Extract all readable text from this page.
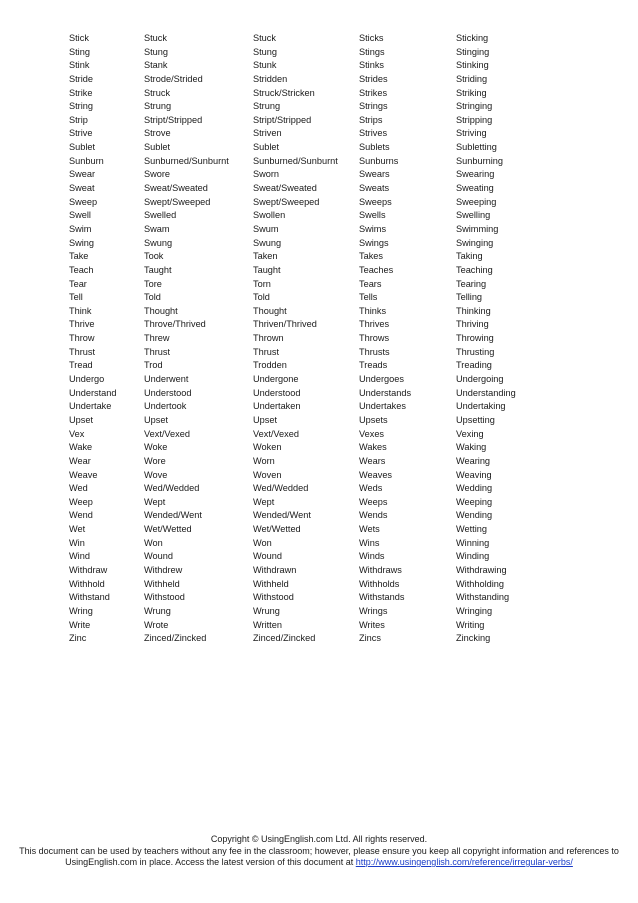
Stick	Stuck	Stuck	Sticks	Sticking
Sting	Stung	Stung	Stings	Stinging
Stink	Stank	Stunk	Stinks	Stinking
Stride	Strode/Strided	Stridden	Strides	Striding
Strike	Struck	Struck/Stricken	Strikes	Striking
String	Strung	Strung	Strings	Stringing
Strip	Stript/Stripped	Stript/Stripped	Strips	Stripping
Strive	Strove	Striven	Strives	Striving
Sublet	Sublet	Sublet	Sublets	Subletting
Sunburn	Sunburned/Sunburnt	Sunburned/Sunburnt	Sunburns	Sunburning
Swear	Swore	Sworn	Swears	Swearing
Sweat	Sweat/Sweated	Sweat/Sweated	Sweats	Sweating
Sweep	Swept/Sweeped	Swept/Sweeped	Sweeps	Sweeping
Swell	Swelled	Swollen	Swells	Swelling
Swim	Swam	Swum	Swims	Swimming
Swing	Swung	Swung	Swings	Swinging
Take	Took	Taken	Takes	Taking
Teach	Taught	Taught	Teaches	Teaching
Tear	Tore	Torn	Tears	Tearing
Tell	Told	Told	Tells	Telling
Think	Thought	Thought	Thinks	Thinking
Thrive	Throve/Thrived	Thriven/Thrived	Thrives	Thriving
Throw	Threw	Thrown	Throws	Throwing
Thrust	Thrust	Thrust	Thrusts	Thrusting
Tread	Trod	Trodden	Treads	Treading
Undergo	Underwent	Undergone	Undergoes	Undergoing
Understand	Understood	Understood	Understands	Understanding
Undertake	Undertook	Undertaken	Undertakes	Undertaking
Upset	Upset	Upset	Upsets	Upsetting
Vex	Vext/Vexed	Vext/Vexed	Vexes	Vexing
Wake	Woke	Woken	Wakes	Waking
Wear	Wore	Worn	Wears	Wearing
Weave	Wove	Woven	Weaves	Weaving
Wed	Wed/Wedded	Wed/Wedded	Weds	Wedding
Weep	Wept	Wept	Weeps	Weeping
Wend	Wended/Went	Wended/Went	Wends	Wending
Wet	Wet/Wetted	Wet/Wetted	Wets	Wetting
Win	Won	Won	Wins	Winning
Wind	Wound	Wound	Winds	Winding
Withdraw	Withdrew	Withdrawn	Withdraws	Withdrawing
Withhold	Withheld	Withheld	Withholds	Withholding
Withstand	Withstood	Withstood	Withstands	Withstanding
Wring	Wrung	Wrung	Wrings	Wringing
Write	Wrote	Written	Writes	Writing
Zinc	Zinced/Zincked	Zinced/Zincked	Zincs	Zincking
Copyright © UsingEnglish.com Ltd. All rights reserved.
This document can be used by teachers without any fee in the classroom; however, please ensure you keep all copyright information and references to
UsingEnglish.com in place. Access the latest version of this document at http://www.usingenglish.com/reference/irregular-verbs/
